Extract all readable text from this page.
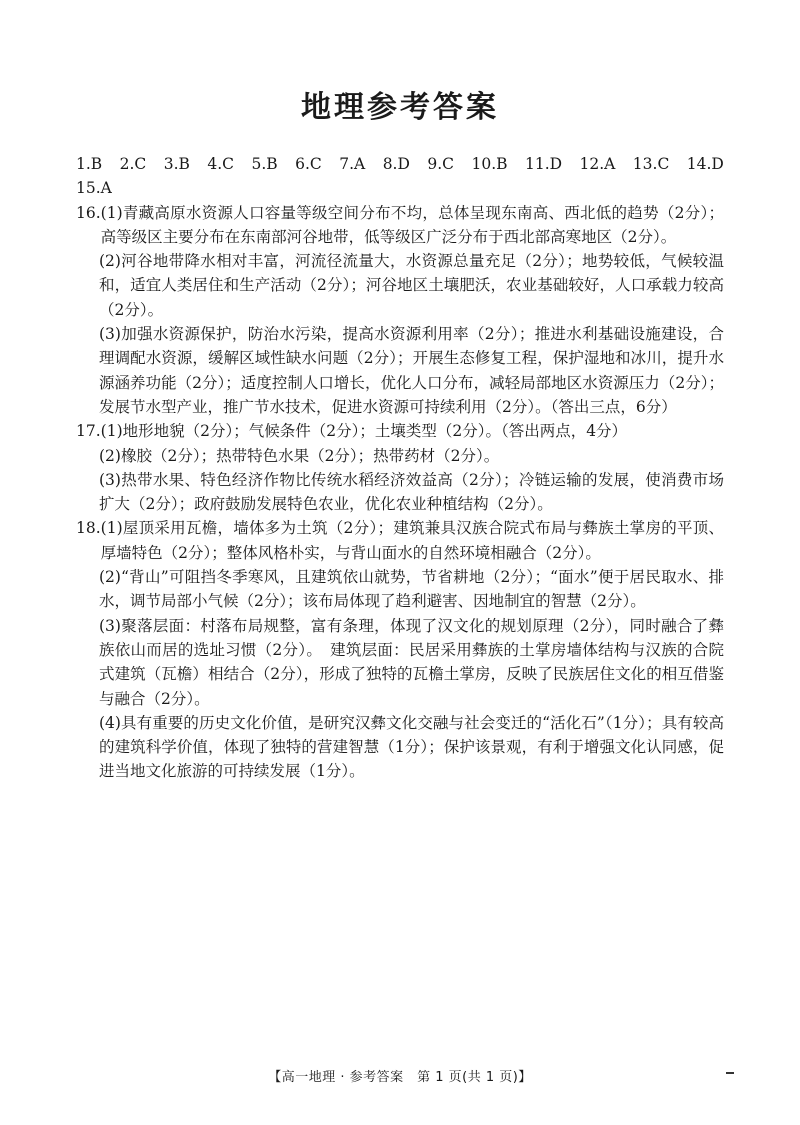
地理参考答案
1.B 2.C 3.B 4.C 5.B 6.C 7.A 8.D 9.C 10.B 11.D 12.A 13.C 14.D
15.A
16. (1)青藏高原水资源人口容量等级空间分布不均，总体呈现东南高、西北低的趋势（2分）；高等级区主要分布在东南部河谷地带，低等级区广泛分布于西北部高寒地区（2分）。

(2)河谷地带降水相对丰富，河流径流量大，水资源总量充足（2分）；地势较低，气候较温和，适宜人类居住和生产活动（2分）；河谷地区土壤肥沃，农业基础较好，人口承载力较高（2分）。

(3)加强水资源保护，防治水污染，提高水资源利用率（2分）；推进水利基础设施建设，合理调配水资源，缓解区域性缺水问题（2分）；开展生态修复工程，保护湿地和冰川，提升水源涵养功能（2分）；适度控制人口增长，优化人口分布，减轻局部地区水资源压力（2分）；发展节水型产业，推广节水技术，促进水资源可持续利用（2分）。（答出三点，6分）

17. (1)地形地貌（2分）；气候条件（2分）；土壤类型（2分）。（答出两点，4分）

(2)橡胶（2分）；热带特色水果（2分）；热带药材（2分）。

(3)热带水果、特色经济作物比传统水稻经济效益高（2分）；冷链运输的发展，使消费市场扩大（2分）；政府鼓励发展特色农业，优化农业种植结构（2分）。

18. (1)屋顶采用瓦檐，墙体多为土筑（2分）；建筑兼具汉族合院式布局与彝族土掌房的平顶、厚墙特色（2分）；整体风格朴实，与背山面水的自然环境相融合（2分）。

(2)“背山”可阻挡冬季寒风，且建筑依山就势，节省耕地（2分）；“面水”便于居民取水、排水，调节局部小气候（2分）；该布局体现了趋利避害、因地制宜的智慧（2分）。

(3)聚落层面：村落布局规整，富有条理，体现了汉文化的规划原理（2分），同时融合了彝族依山而居的选址习惯（2分）。　建筑层面：民居采用彝族的土掌房墙体结构与汉族的合院式建筑（瓦檐）相结合（2分），形成了独特的瓦檐土掌房，反映了民族居住文化的相互借鉴与融合（2分）。

(4)具有重要的历史文化价值，是研究汉彝文化交融与社会变迁的“活化石”（1分）；具有较高的建筑科学价值，体现了独特的营建智慧（1分）；保护该景观，有利于增强文化认同感，促进当地文化旅游的可持续发展（1分）。

【高一地理 · 参考答案　第 1 页(共 1 页)】
